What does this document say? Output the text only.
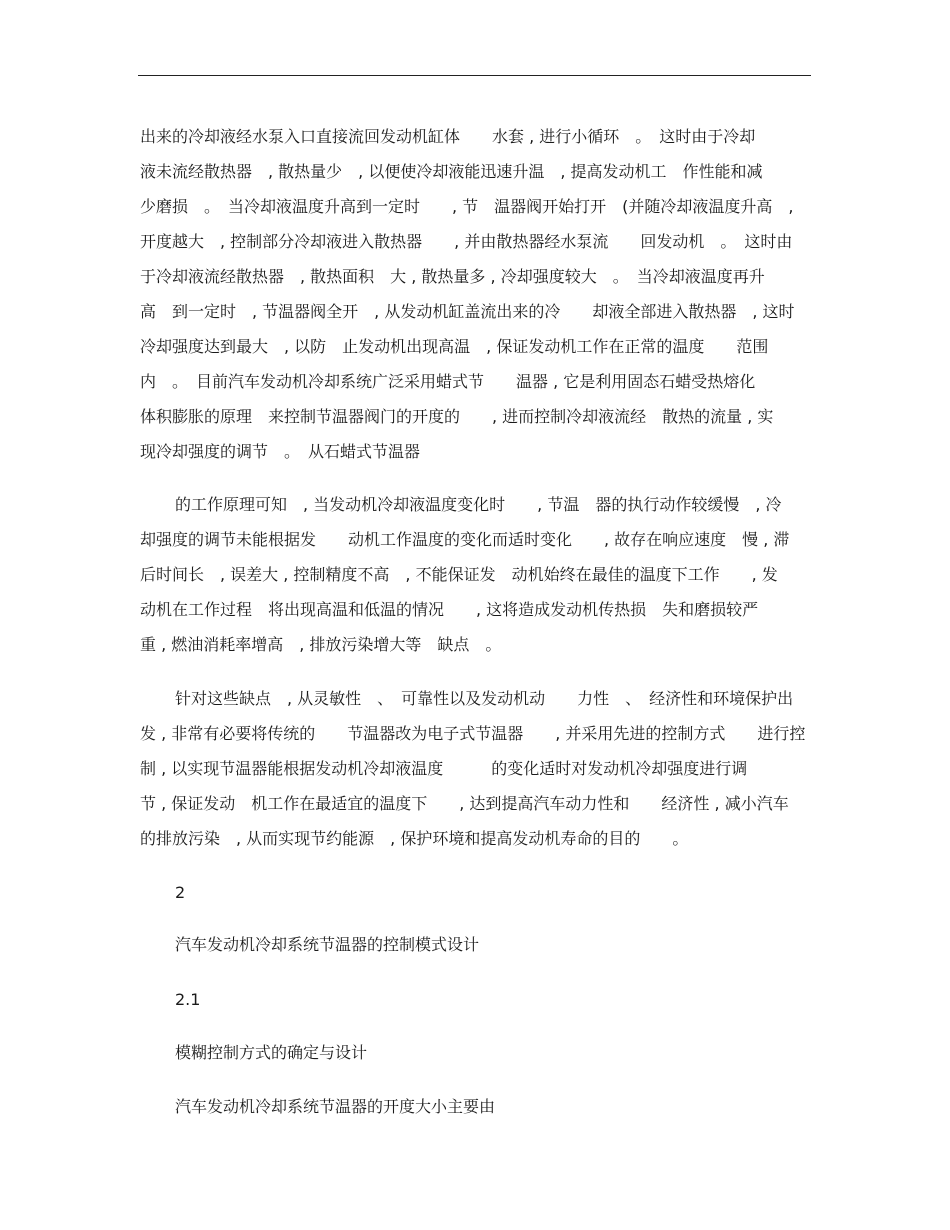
出来的冷却液经水泵入口直接流回发动机缸体　　水套 , 进行小循环　。　这时由于冷却
液未流经散热器　, 散热量少　, 以便使冷却液能迅速升温　, 提高发动机工　作性能和减
少磨损　。　当冷却液温度升高到一定时　　, 节　温器阀开始打开　(并随冷却液温度升高　,
开度越大　, 控制部分冷却液进入散热器　　, 并由散热器经水泵流　　回发动机　。　这时由
于冷却液流经散热器　, 散热面积　大 , 散热量多 , 冷却强度较大　。　当冷却液温度再升
高　到一定时　, 节温器阀全开　, 从发动机缸盖流出来的冷　　却液全部进入散热器　, 这时
冷却强度达到最大　, 以防　止发动机出现高温　, 保证发动机工作在正常的温度　　范围
内　。　目前汽车发动机冷却系统广泛采用蜡式节　　温器 , 它是利用固态石蜡受热熔化
体积膨胀的原理　来控制节温器阀门的开度的　　, 进而控制冷却液流经　散热的流量 , 实
现冷却强度的调节　。　从石蜡式节温器
的工作原理可知　, 当发动机冷却液温度变化时　　, 节温　器的执行动作较缓慢　, 冷
却强度的调节未能根据发　　动机工作温度的变化而适时变化　　, 故存在响应速度　慢 , 滞
后时间长　, 误差大 , 控制精度不高　, 不能保证发　动机始终在最佳的温度下工作　　, 发
动机在工作过程　将出现高温和低温的情况　　, 这将造成发动机传热损　失和磨损较严
重 , 燃油消耗率增高　, 排放污染增大等　缺点　。
针对这些缺点　, 从灵敏性　、　可靠性以及发动机动　　力性　、　经济性和环境保护出
发 , 非常有必要将传统的　　节温器改为电子式节温器　　, 并采用先进的控制方式　　进行控
制 , 以实现节温器能根据发动机冷却液温度　　　的变化适时对发动机冷却强度进行调
节 , 保证发动　机工作在最适宜的温度下　　, 达到提高汽车动力性和　　经济性 , 减小汽车
的排放污染　, 从而实现节约能源　, 保护环境和提高发动机寿命的目的　　。
2
汽车发动机冷却系统节温器的控制模式设计
2.1
模糊控制方式的确定与设计
汽车发动机冷却系统节温器的开度大小主要由
